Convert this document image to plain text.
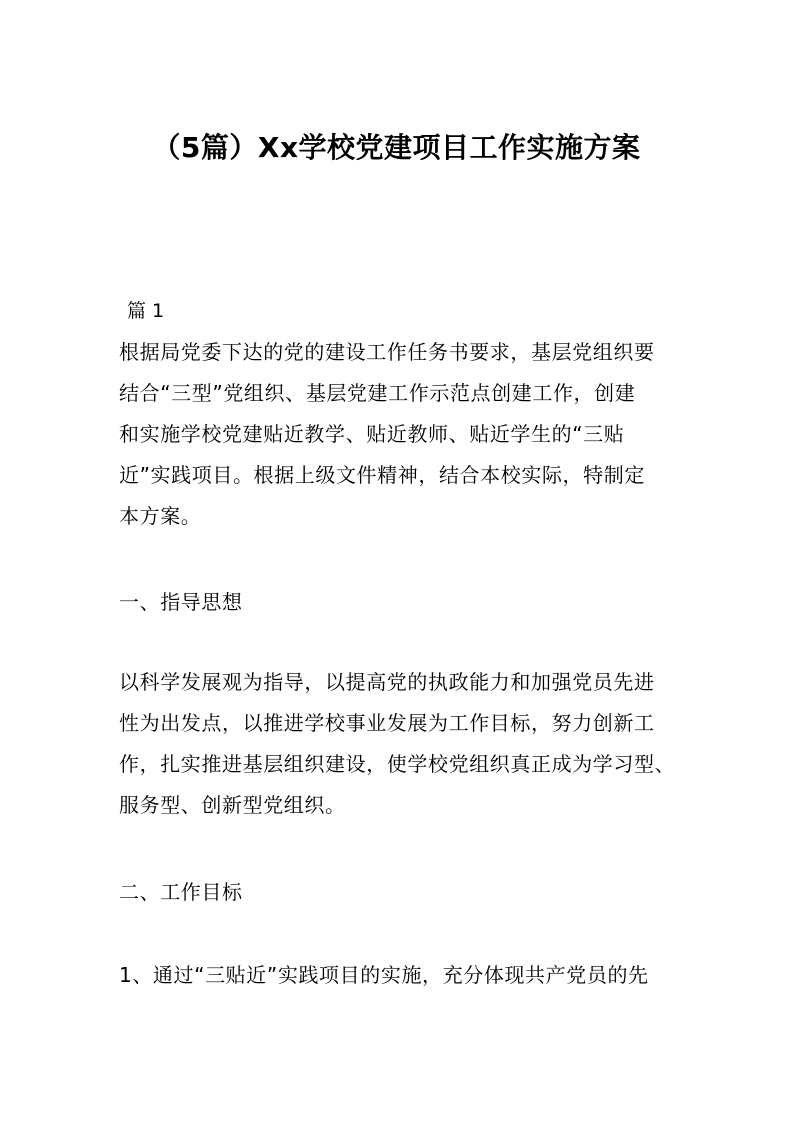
（5篇）Xx学校党建项目工作实施方案
篇 1
根据局党委下达的党的建设工作任务书要求，基层党组织要
结合“三型”党组织、基层党建工作示范点创建工作，创建
和实施学校党建贴近教学、贴近教师、贴近学生的“三贴
近”实践项目。根据上级文件精神，结合本校实际，特制定
本方案。
一、指导思想
以科学发展观为指导，以提高党的执政能力和加强党员先进
性为出发点，以推进学校事业发展为工作目标，努力创新工
作，扎实推进基层组织建设，使学校党组织真正成为学习型、
服务型、创新型党组织。
二、工作目标
1、通过“三贴近”实践项目的实施，充分体现共产党员的先
